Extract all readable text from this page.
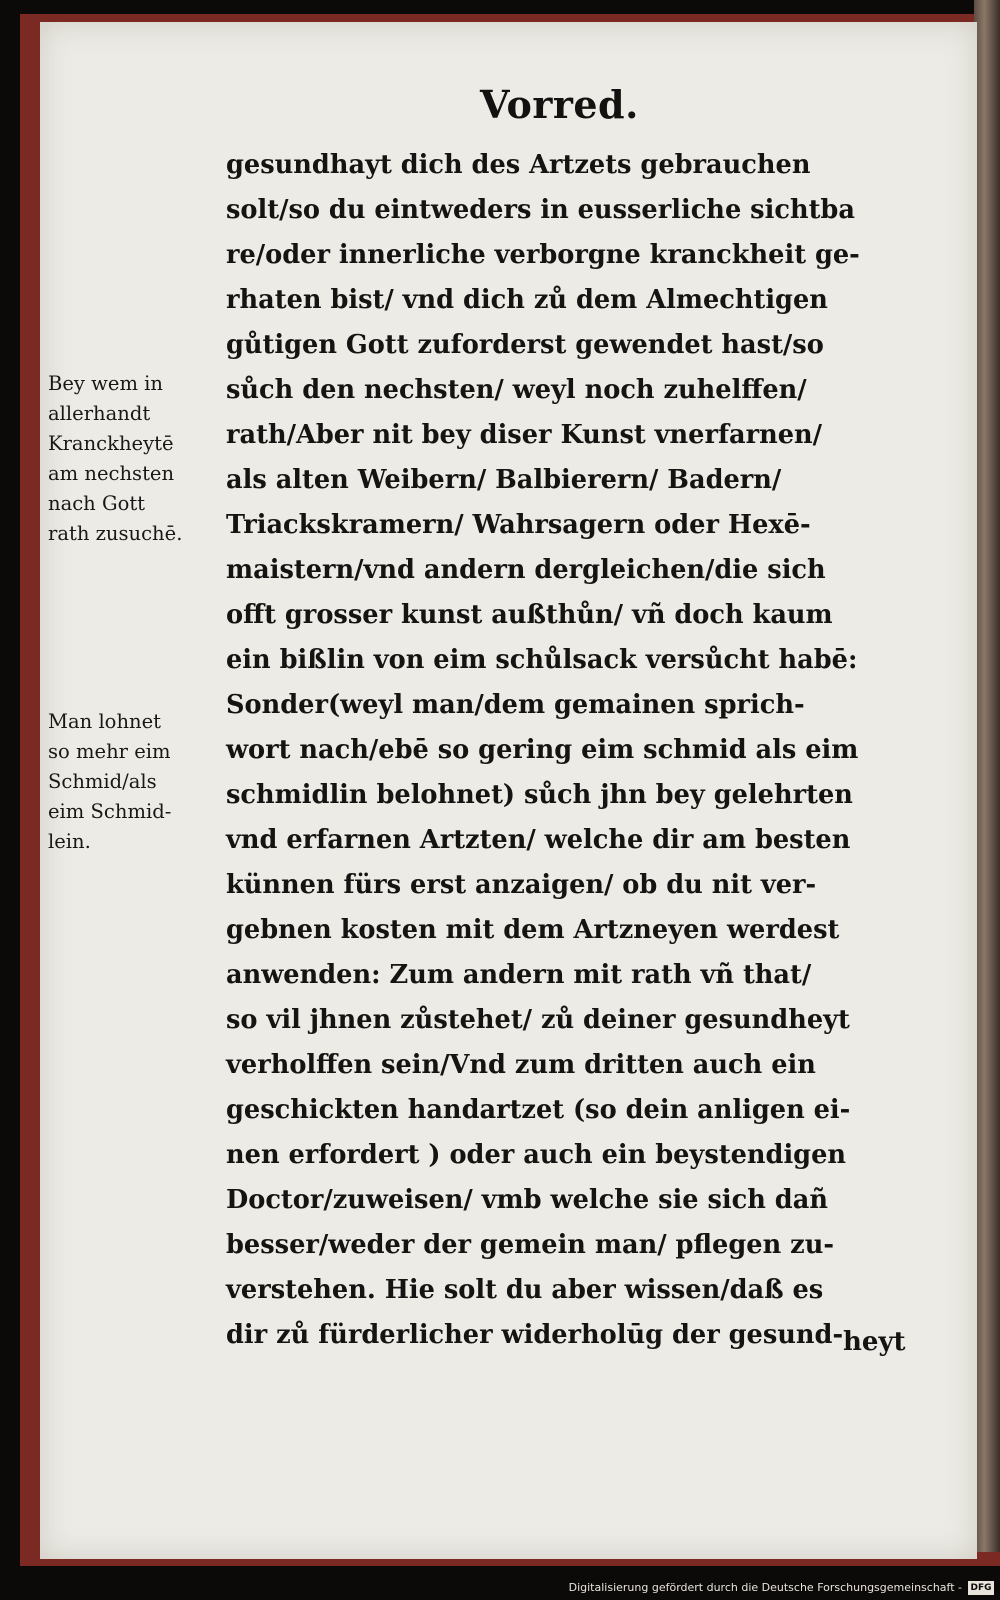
Vorred.
gesundhayt dich des Artzets gebrauchen
solt/so du eintweders in eusserliche sichtba
re/oder innerliche verborgne kranckheit ge-
rhaten bist/ vnd dich zů dem Almechtigen
gůtigen Gott zuforderst gewendet hast/so
sůch den nechsten/ weyl noch zuhelffen/
rath/Aber nit bey diser Kunst vnerfarnen/
als alten Weibern/ Balbierern/ Badern/
Triackskramern/ Wahrsagern oder Hexē-
maistern/vnd andern dergleichen/die sich
offt grosser kunst außthůn/ vñ doch kaum
ein bißlin von eim schůlsack versůcht habē:
Sonder(weyl man/dem gemainen sprich-
wort nach/ebē so gering eim schmid als eim
schmidlin belohnet) sůch jhn bey gelehrten
vnd erfarnen Artzten/ welche dir am besten
künnen fürs erst anzaigen/ ob du nit ver-
gebnen kosten mit dem Artzneyen werdest
anwenden: Zum andern mit rath vñ that/
so vil jhnen zůstehet/ zů deiner gesundheyt
verholffen sein/Vnd zum dritten auch ein
geschickten handartzet (so dein anligen ei-
nen erfordert ) oder auch ein beystendigen
Doctor/zuweisen/ vmb welche sie sich dañ
besser/weder der gemein man/ pflegen zu-
verstehen. Hie solt du aber wissen/daß es
dir zů fürderlicher widerholūg der gesund- heyt
Bey wem in
allerhandt
Kranckheytē
am nechsten
nach Gott
rath zusuchē.
Man lohnet
so mehr eim
Schmid/als
eim Schmid-
lein.
Digitalisierung gefördert durch die Deutsche Forschungsgemeinschaft - DFG
